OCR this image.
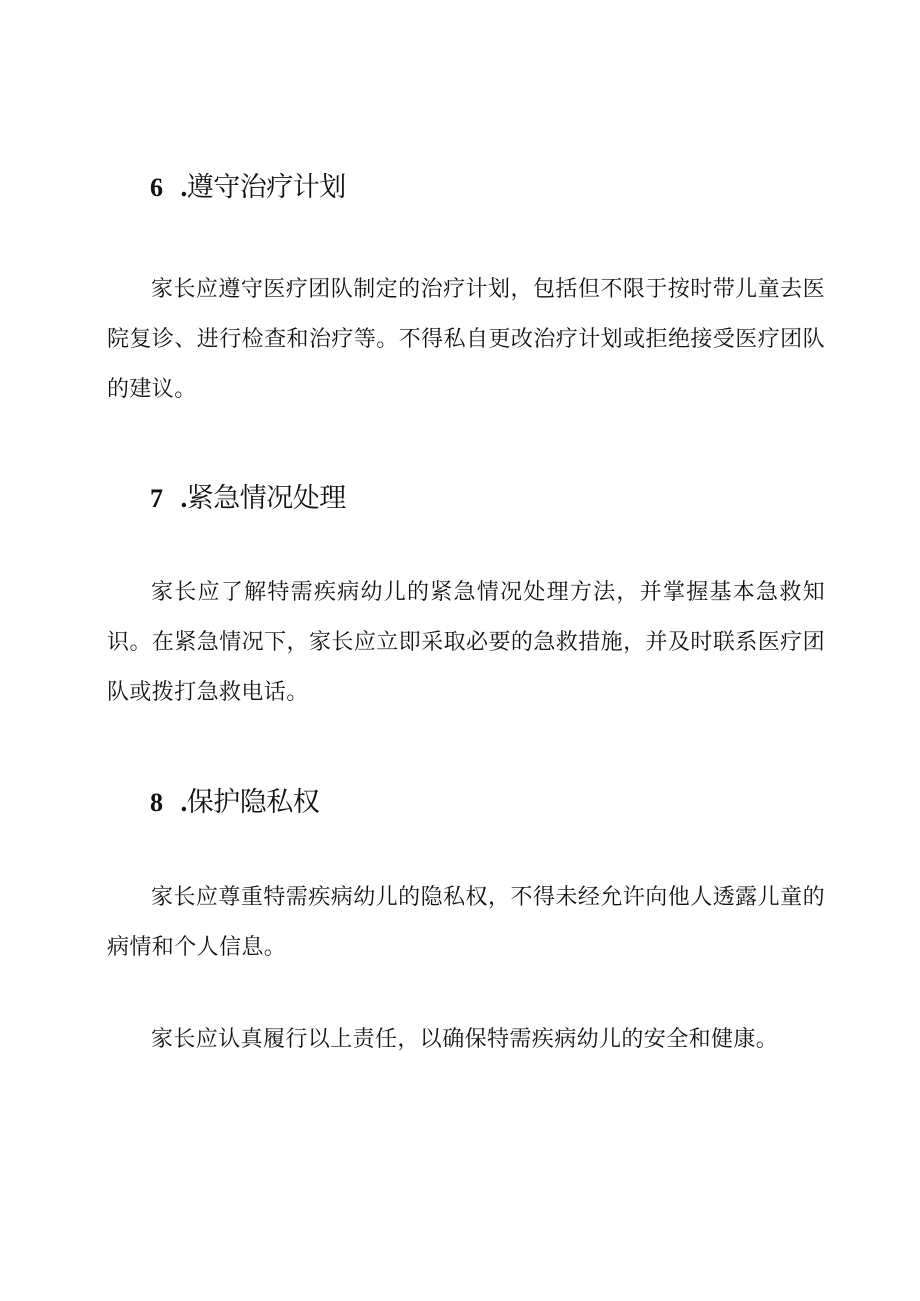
6 .遵守治疗计划

家长应遵守医疗团队制定的治疗计划，包括但不限于按时带儿童去医院复诊、进行检查和治疗等。不得私自更改治疗计划或拒绝接受医疗团队的建议。

7 .紧急情况处理

家长应了解特需疾病幼儿的紧急情况处理方法，并掌握基本急救知识。在紧急情况下，家长应立即采取必要的急救措施，并及时联系医疗团队或拨打急救电话。

8 .保护隐私权

家长应尊重特需疾病幼儿的隐私权，不得未经允许向他人透露儿童的病情和个人信息。

家长应认真履行以上责任，以确保特需疾病幼儿的安全和健康。
